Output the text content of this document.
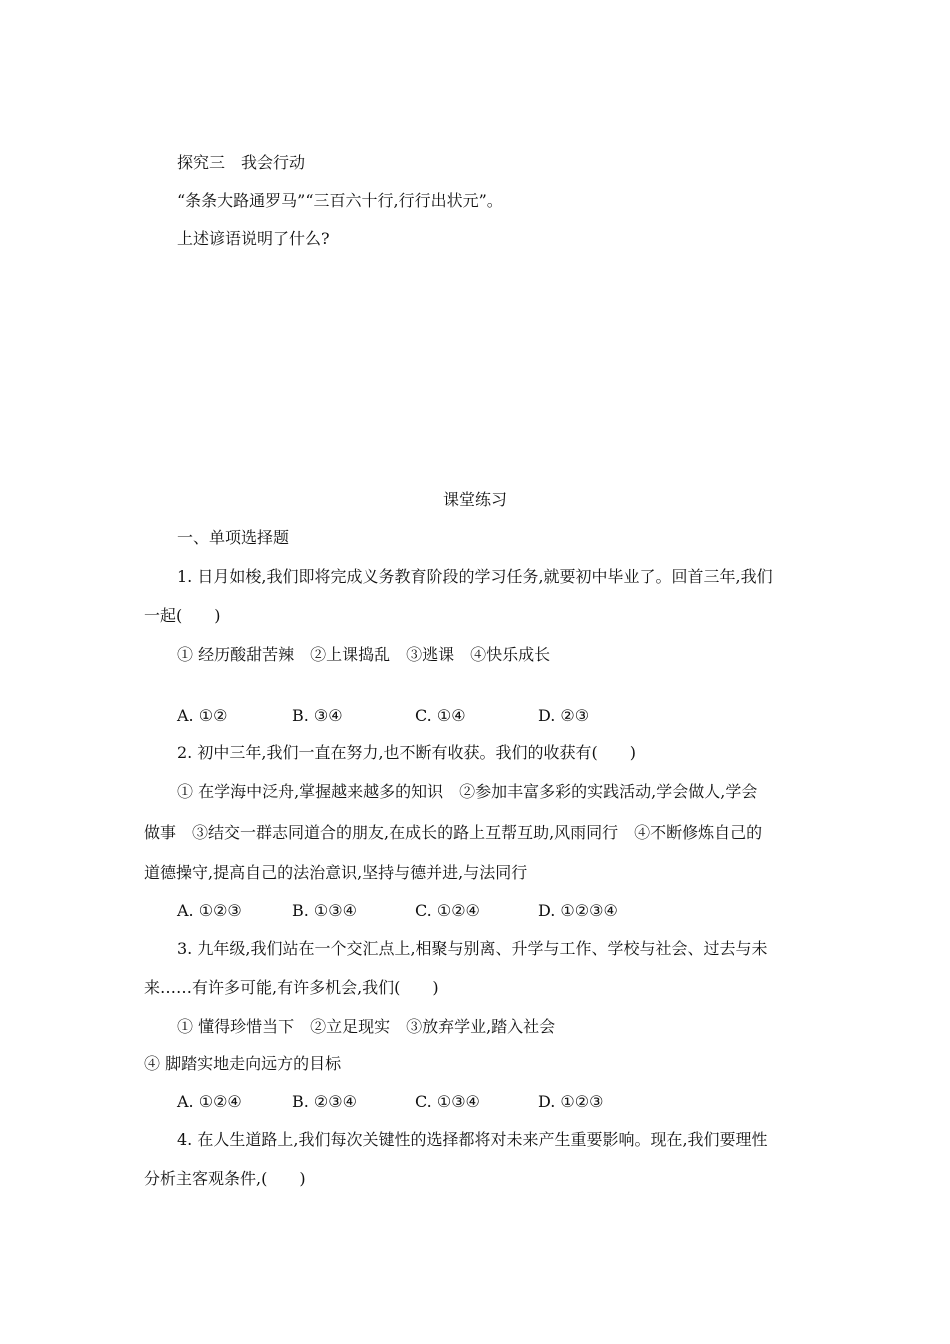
探究三　我会行动
“条条大路通罗马”“三百六十行,行行出状元”。
上述谚语说明了什么?
课堂练习
一、单项选择题
1. 日月如梭,我们即将完成义务教育阶段的学习任务,就要初中毕业了。回首三年,我们
一起(　　)
① 经历酸甜苦辣　②上课捣乱　③逃课　④快乐成长
A. ①②	B. ③④	C. ①④	D. ②③
2. 初中三年,我们一直在努力,也不断有收获。我们的收获有(　　)
① 在学海中泛舟,掌握越来越多的知识　②参加丰富多彩的实践活动,学会做人,学会
做事　③结交一群志同道合的朋友,在成长的路上互帮互助,风雨同行　④不断修炼自己的
道德操守,提高自己的法治意识,坚持与德并进,与法同行
A. ①②③	B. ①③④	C. ①②④	D. ①②③④
3. 九年级,我们站在一个交汇点上,相聚与别离、升学与工作、学校与社会、过去与未
来……有许多可能,有许多机会,我们(　　)
① 懂得珍惜当下　②立足现实　③放弃学业,踏入社会
④ 脚踏实地走向远方的目标
A. ①②④	B. ②③④	C. ①③④	D. ①②③
4. 在人生道路上,我们每次关键性的选择都将对未来产生重要影响。现在,我们要理性
分析主客观条件,(　　)
